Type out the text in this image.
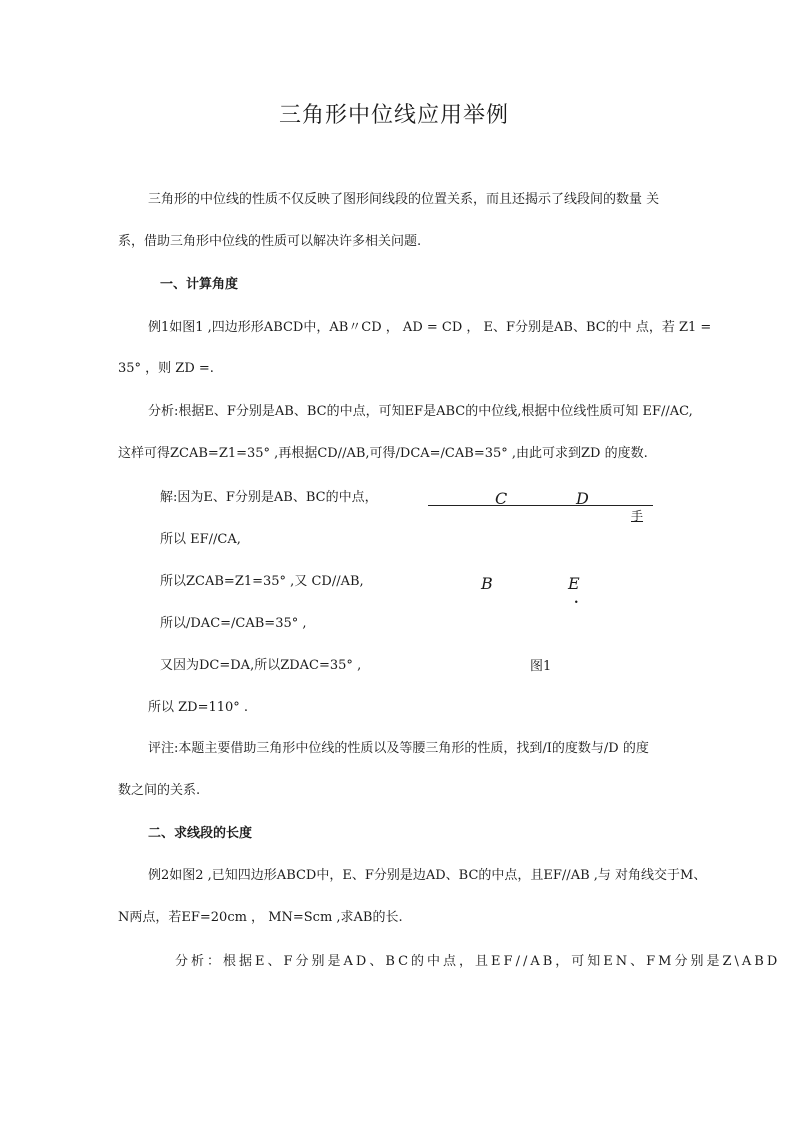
三角形中位线应用举例
三角形的中位线的性质不仅反映了图形间线段的位置关系，而且还揭示了线段间的数量 关
系，借助三角形中位线的性质可以解决许多相关问题.
一、计算角度
例1如图1 ,四边形形ABCD中，AB〃CD ， AD = CD ， E、F分别是AB、BC的中 点，若 Z1 =
35° ，则 ZD =.
分析:根据E、F分别是AB、BC的中点，可知EF是ABC的中位线,根据中位线性质可知 EF//AC,
这样可得ZCAB=Z1=35° ,再根据CD//AB,可得/DCA=/CAB=35° ,由此可求到ZD 的度数.
解:因为E、F分别是AB、BC的中点，
所以 EF//CA,
所以ZCAB=Z1=35° ,又 CD//AB,
所以/DAC=/CAB=35° ,
又因为DC=DA,所以ZDAC=35° ,
所以 ZD=110° .
C	D
手
B	E
.
图1
评注:本题主要借助三角形中位线的性质以及等腰三角形的性质，找到/I的度数与/D 的度
数之间的关系.
二、求线段的长度
例2如图2 ,已知四边形ABCD中，E、F分别是边AD、BC的中点，且EF//AB ,与 对角线交于M、
N两点，若EF=20cm ， MN=Scm ,求AB的长.
分析：根据E、F分别是AD、BC的中点，且EF//AB，可知EN、FM分别是Z\ABD
